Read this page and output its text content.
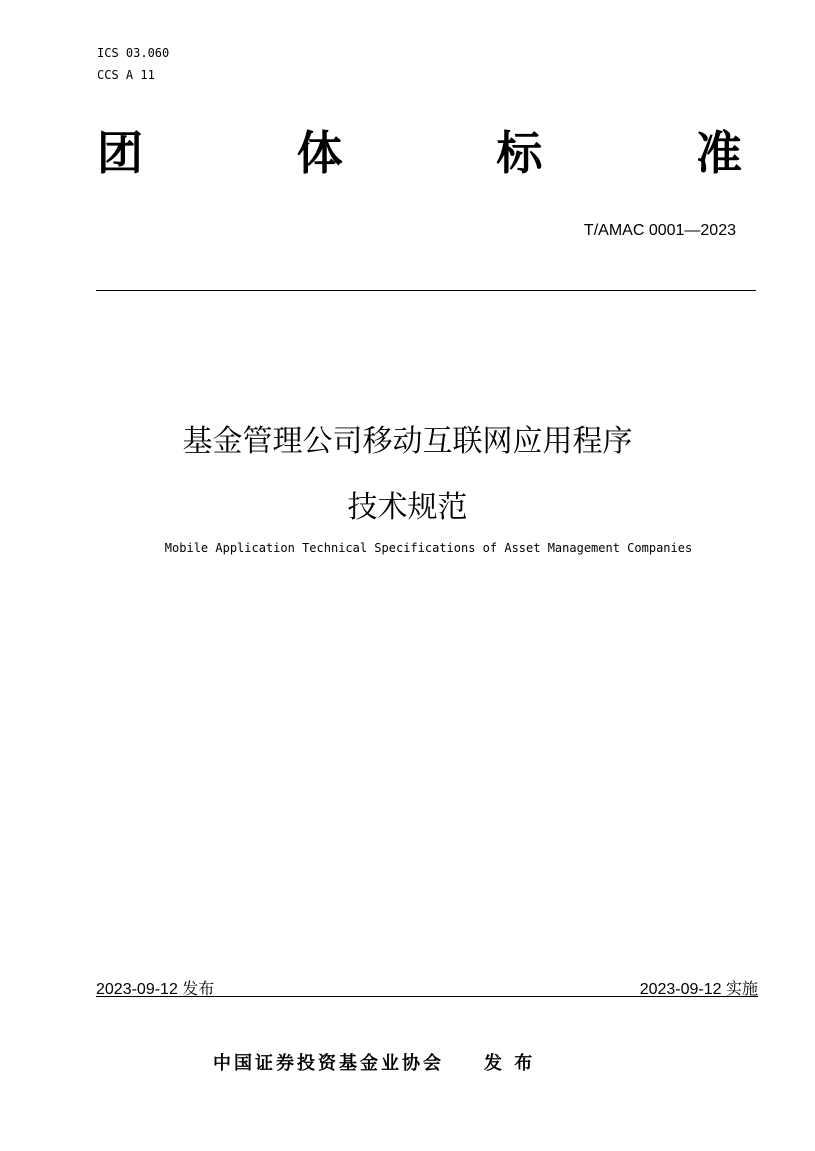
ICS 03.060
CCS A 11
团	体	标	准
T/AMAC 0001—2023
基金管理公司移动互联网应用程序
技术规范
Mobile Application Technical Specifications of Asset Management Companies
2023-09-12 发布	2023-09-12 实施
中国证券投资基金业协会 发 布
